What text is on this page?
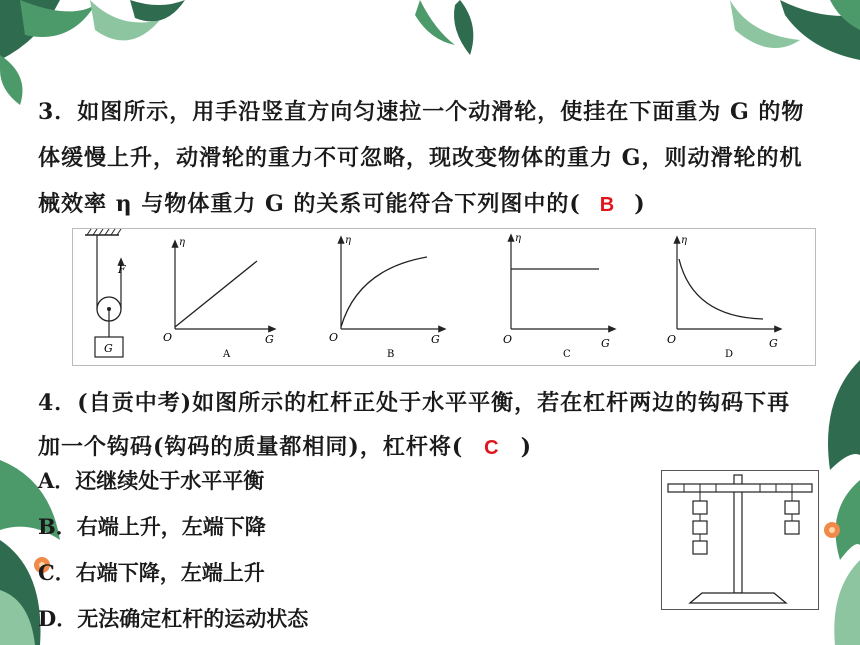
3．如图所示，用手沿竖直方向匀速拉一个动滑轮，使挂在下面重为 G 的物
体缓慢上升，动滑轮的重力不可忽略，现改变物体的重力 G，则动滑轮的机
械效率 η 与物体重力 G 的关系可能符合下列图中的( B )
F
G
η
O	G
A
η
O	G
B
η
O	G
C
η
O	G
D
4．(自贡中考)如图所示的杠杆正处于水平平衡，若在杠杆两边的钩码下再
加一个钩码(钩码的质量都相同)，杠杆将( C )
A．还继续处于水平平衡
B．右端上升，左端下降
C．右端下降，左端上升
D．无法确定杠杆的运动状态
